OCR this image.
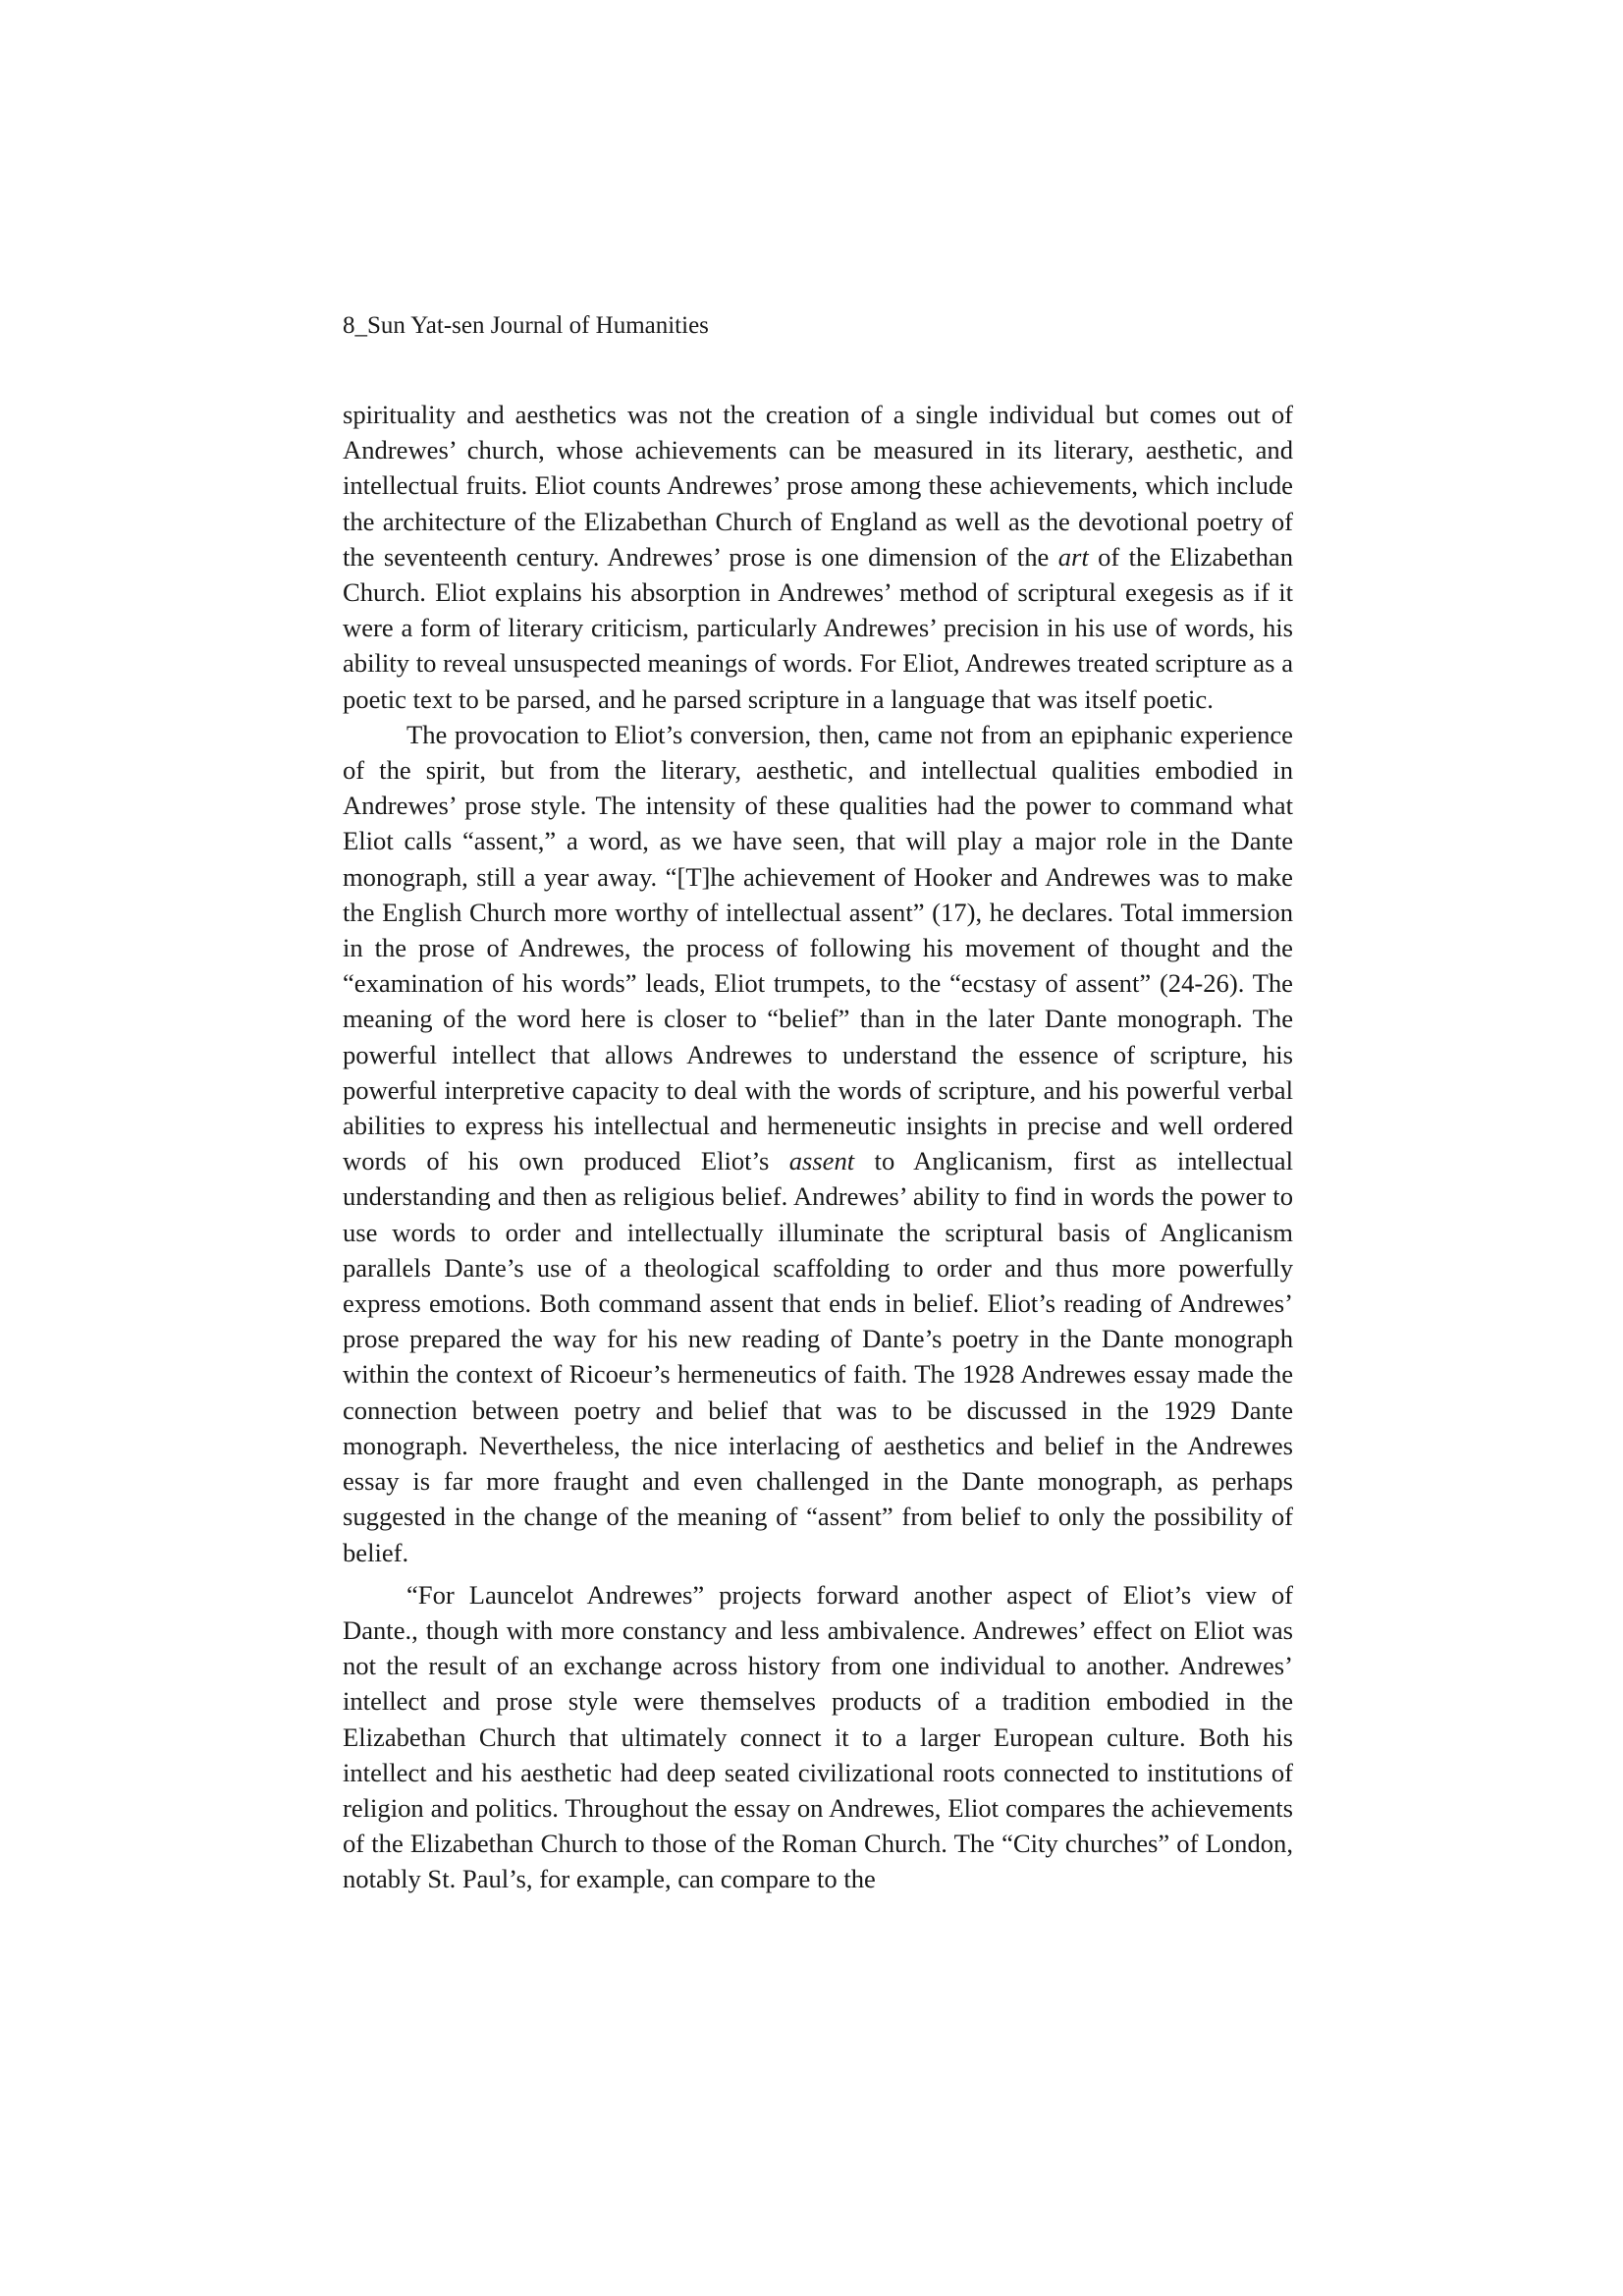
8_Sun Yat-sen Journal of Humanities

spirituality and aesthetics was not the creation of a single individual but comes out of Andrewes’ church, whose achievements can be measured in its literary, aesthetic, and intellectual fruits. Eliot counts Andrewes’ prose among these achievements, which include the architecture of the Elizabethan Church of England as well as the devotional poetry of the seventeenth century. Andrewes’ prose is one dimension of the art of the Elizabethan Church. Eliot explains his absorption in Andrewes’ method of scriptural exegesis as if it were a form of literary criticism, particularly Andrewes’ precision in his use of words, his ability to reveal unsuspected meanings of words. For Eliot, Andrewes treated scripture as a poetic text to be parsed, and he parsed scripture in a language that was itself poetic.

The provocation to Eliot’s conversion, then, came not from an epiphanic experience of the spirit, but from the literary, aesthetic, and intellectual qualities embodied in Andrewes’ prose style. The intensity of these qualities had the power to command what Eliot calls “assent,” a word, as we have seen, that will play a major role in the Dante monograph, still a year away. “[T]he achievement of Hooker and Andrewes was to make the English Church more worthy of intellectual assent” (17), he declares. Total immersion in the prose of Andrewes, the process of following his movement of thought and the “examination of his words” leads, Eliot trumpets, to the “ecstasy of assent” (24-26). The meaning of the word here is closer to “belief” than in the later Dante monograph. The powerful intellect that allows Andrewes to understand the essence of scripture, his powerful interpretive capacity to deal with the words of scripture, and his powerful verbal abilities to express his intellectual and hermeneutic insights in precise and well ordered words of his own produced Eliot’s assent to Anglicanism, first as intellectual understanding and then as religious belief. Andrewes’ ability to find in words the power to use words to order and intellectually illuminate the scriptural basis of Anglicanism parallels Dante’s use of a theological scaffolding to order and thus more powerfully express emotions. Both command assent that ends in belief. Eliot’s reading of Andrewes’ prose prepared the way for his new reading of Dante’s poetry in the Dante monograph within the context of Ricoeur’s hermeneutics of faith. The 1928 Andrewes essay made the connection between poetry and belief that was to be discussed in the 1929 Dante monograph. Nevertheless, the nice interlacing of aesthetics and belief in the Andrewes essay is far more fraught and even challenged in the Dante monograph, as perhaps suggested in the change of the meaning of “assent” from belief to only the possibility of belief.

“For Launcelot Andrewes” projects forward another aspect of Eliot’s view of Dante., though with more constancy and less ambivalence. Andrewes’ effect on Eliot was not the result of an exchange across history from one individual to another. Andrewes’ intellect and prose style were themselves products of a tradition embodied in the Elizabethan Church that ultimately connect it to a larger European culture. Both his intellect and his aesthetic had deep seated civilizational roots connected to institutions of religion and politics. Throughout the essay on Andrewes, Eliot compares the achievements of the Elizabethan Church to those of the Roman Church. The “City churches” of London, notably St. Paul’s, for example, can compare to the
